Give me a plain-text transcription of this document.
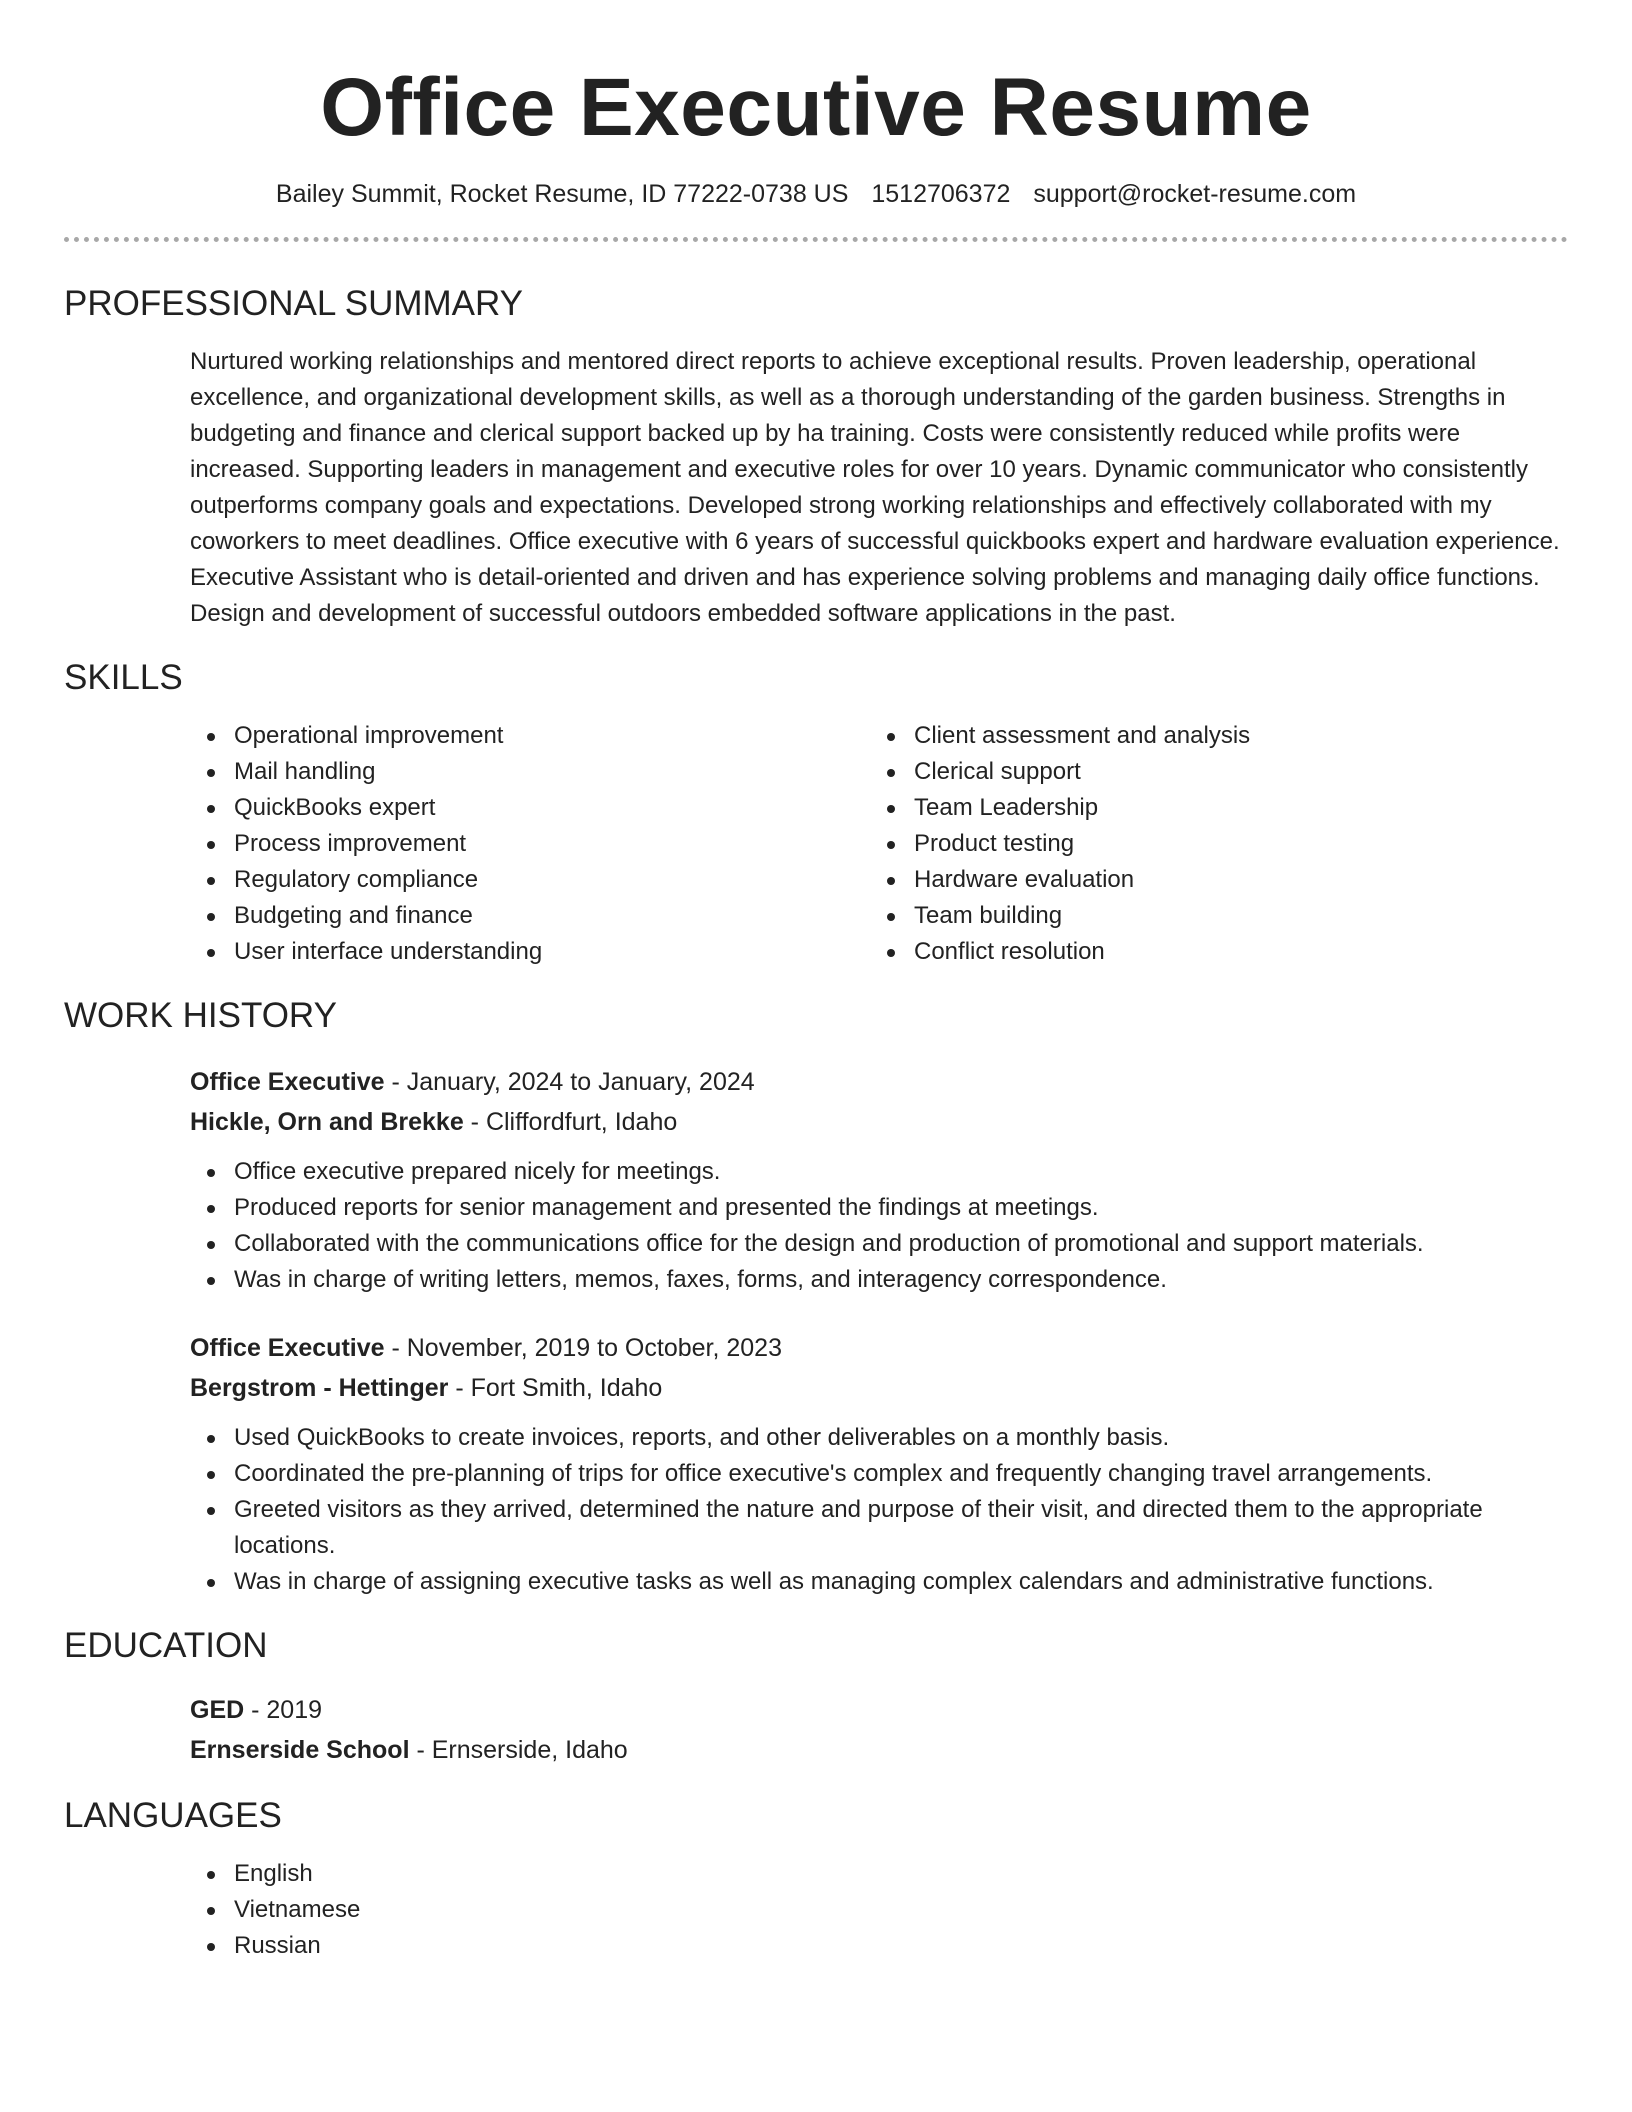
Office Executive Resume
Bailey Summit, Rocket Resume, ID 77222-0738 US 1512706372 support@rocket-resume.com
PROFESSIONAL SUMMARY
Nurtured working relationships and mentored direct reports to achieve exceptional results. Proven leadership, operational excellence, and organizational development skills, as well as a thorough understanding of the garden business. Strengths in budgeting and finance and clerical support backed up by ha training. Costs were consistently reduced while profits were increased. Supporting leaders in management and executive roles for over 10 years. Dynamic communicator who consistently outperforms company goals and expectations. Developed strong working relationships and effectively collaborated with my coworkers to meet deadlines. Office executive with 6 years of successful quickbooks expert and hardware evaluation experience. Executive Assistant who is detail-oriented and driven and has experience solving problems and managing daily office functions. Design and development of successful outdoors embedded software applications in the past.
SKILLS
Operational improvement
Mail handling
QuickBooks expert
Process improvement
Regulatory compliance
Budgeting and finance
User interface understanding
Client assessment and analysis
Clerical support
Team Leadership
Product testing
Hardware evaluation
Team building
Conflict resolution
WORK HISTORY
Office Executive - January, 2024 to January, 2024
Hickle, Orn and Brekke - Cliffordfurt, Idaho
Office executive prepared nicely for meetings.
Produced reports for senior management and presented the findings at meetings.
Collaborated with the communications office for the design and production of promotional and support materials.
Was in charge of writing letters, memos, faxes, forms, and interagency correspondence.
Office Executive - November, 2019 to October, 2023
Bergstrom - Hettinger - Fort Smith, Idaho
Used QuickBooks to create invoices, reports, and other deliverables on a monthly basis.
Coordinated the pre-planning of trips for office executive's complex and frequently changing travel arrangements.
Greeted visitors as they arrived, determined the nature and purpose of their visit, and directed them to the appropriate locations.
Was in charge of assigning executive tasks as well as managing complex calendars and administrative functions.
EDUCATION
GED - 2019
Ernserside School - Ernserside, Idaho
LANGUAGES
English
Vietnamese
Russian
